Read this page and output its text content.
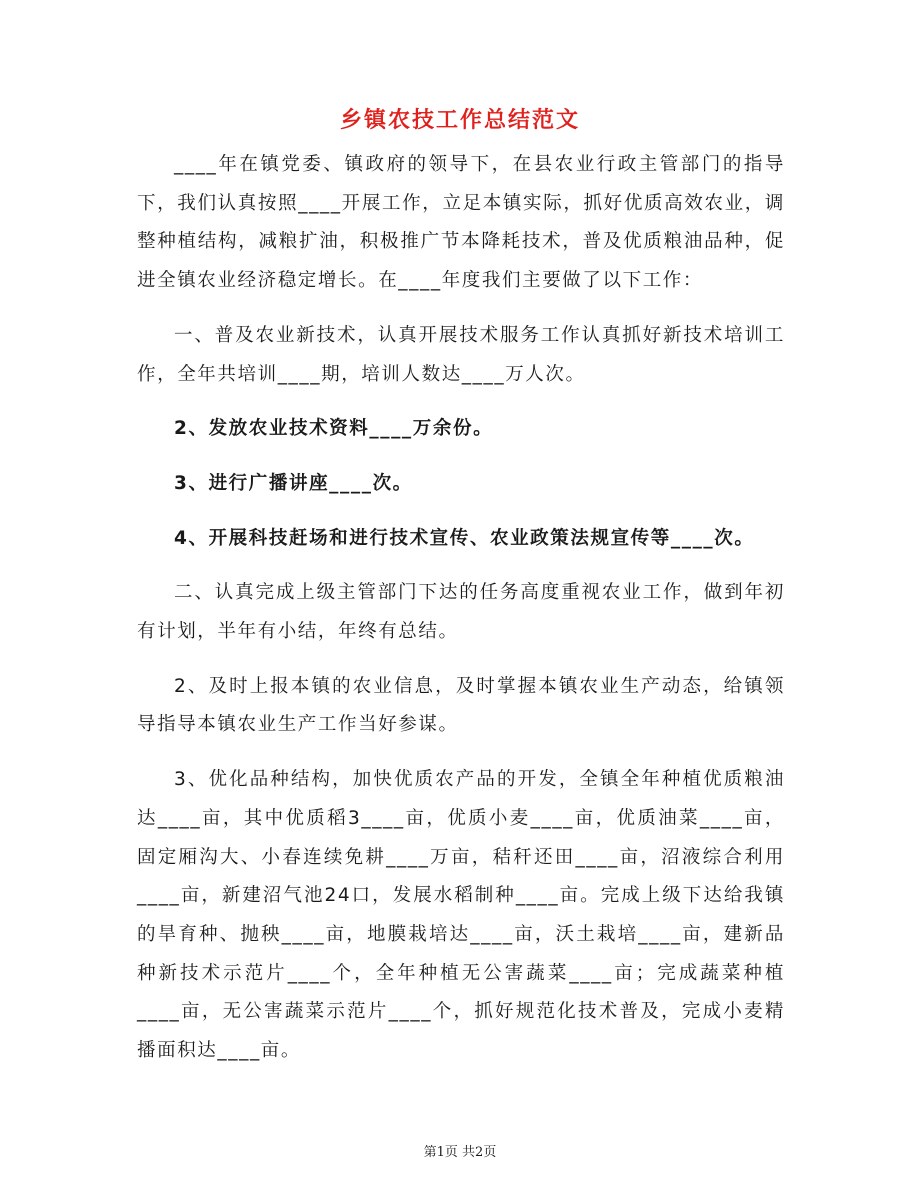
乡镇农技工作总结范文

____年在镇党委、镇政府的领导下，在县农业行政主管部门的指导下，我们认真按照____开展工作，立足本镇实际，抓好优质高效农业，调整种植结构，减粮扩油，积极推广节本降耗技术，普及优质粮油品种，促进全镇农业经济稳定增长。在____年度我们主要做了以下工作：

一、普及农业新技术，认真开展技术服务工作认真抓好新技术培训工作，全年共培训____期，培训人数达____万人次。

2、发放农业技术资料____万余份。

3、进行广播讲座____次。

4、开展科技赶场和进行技术宣传、农业政策法规宣传等____次。

二、认真完成上级主管部门下达的任务高度重视农业工作，做到年初有计划，半年有小结，年终有总结。

2、及时上报本镇的农业信息，及时掌握本镇农业生产动态，给镇领导指导本镇农业生产工作当好参谋。

3、优化品种结构，加快优质农产品的开发，全镇全年种植优质粮油达____亩，其中优质稻3____亩，优质小麦____亩，优质油菜____亩，固定厢沟大、小春连续免耕____万亩，秸秆还田____亩，沼液综合利用____亩，新建沼气池24口，发展水稻制种____亩。完成上级下达给我镇的旱育种、抛秧____亩，地膜栽培达____亩，沃土栽培____亩，建新品种新技术示范片____个，全年种植无公害蔬菜____亩；完成蔬菜种植____亩，无公害蔬菜示范片____个，抓好规范化技术普及，完成小麦精播面积达____亩。

第1页 共2页
